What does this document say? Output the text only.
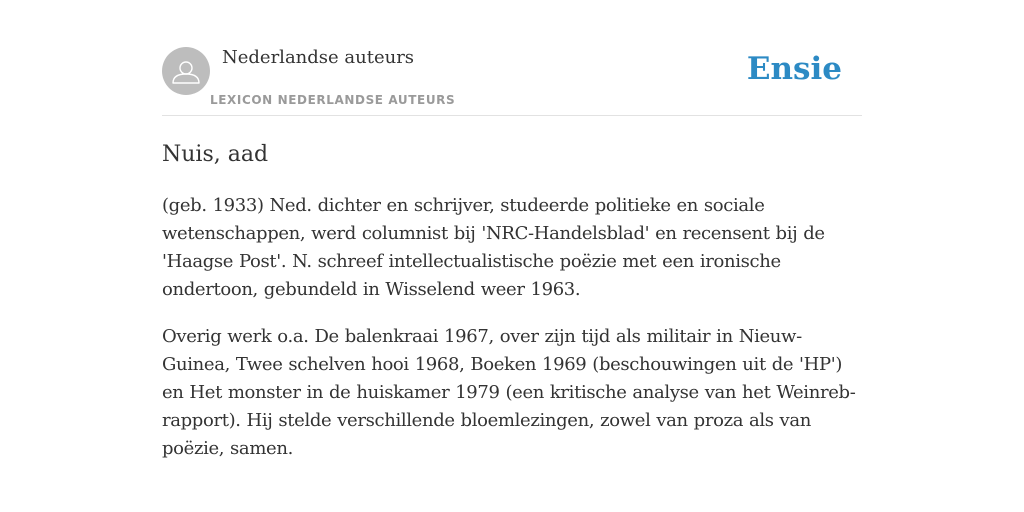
Nederlandse auteurs
LEXICON NEDERLANDSE AUTEURS
Ensie
Nuis, aad

(geb. 1933) Ned. dichter en schrijver, studeerde politieke en sociale wetenschappen, werd columnist bij 'NRC-Handelsblad' en recensent bij de 'Haagse Post'. N. schreef intellectualistische poëzie met een ironische ondertoon, gebundeld in Wisselend weer 1963.

Overig werk o.a. De balenkraai 1967, over zijn tijd als militair in Nieuw-Guinea, Twee schelven hooi 1968, Boeken 1969 (beschouwingen uit de 'HP') en Het monster in de huiskamer 1979 (een kritische analyse van het Weinreb-rapport). Hij stelde verschillende bloemlezingen, zowel van proza als van poëzie, samen.
